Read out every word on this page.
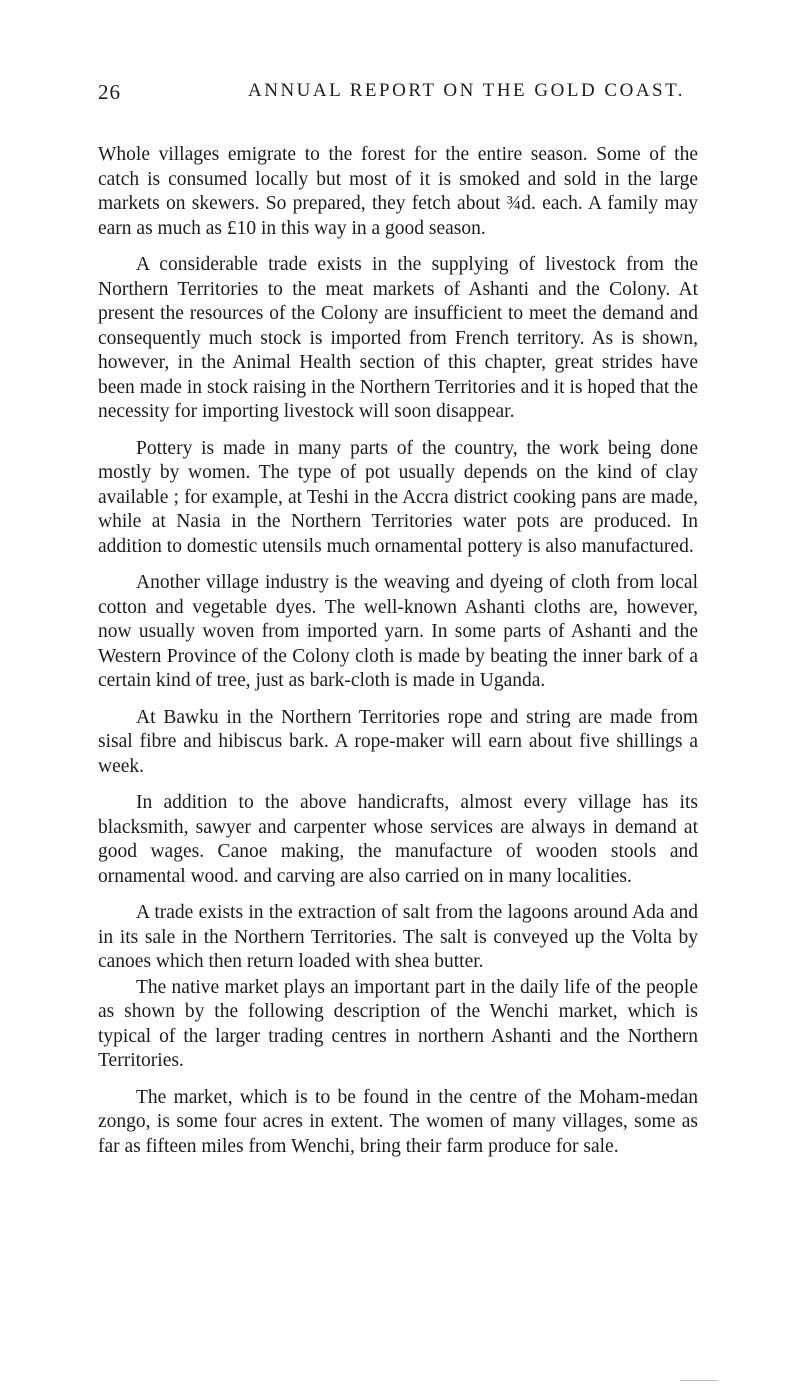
26	ANNUAL REPORT ON THE GOLD COAST.

Whole villages emigrate to the forest for the entire season. Some of the catch is consumed locally but most of it is smoked and sold in the large markets on skewers. So prepared, they fetch about ¾d. each. A family may earn as much as £10 in this way in a good season.

A considerable trade exists in the supplying of livestock from the Northern Territories to the meat markets of Ashanti and the Colony. At present the resources of the Colony are insufficient to meet the demand and consequently much stock is imported from French territory. As is shown, however, in the Animal Health section of this chapter, great strides have been made in stock raising in the Northern Territories and it is hoped that the necessity for importing livestock will soon disappear.

Pottery is made in many parts of the country, the work being done mostly by women. The type of pot usually depends on the kind of clay available ; for example, at Teshi in the Accra district cooking pans are made, while at Nasia in the Northern Territories water pots are produced. In addition to domestic utensils much ornamental pottery is also manufactured.

Another village industry is the weaving and dyeing of cloth from local cotton and vegetable dyes. The well-known Ashanti cloths are, however, now usually woven from imported yarn. In some parts of Ashanti and the Western Province of the Colony cloth is made by beating the inner bark of a certain kind of tree, just as bark-cloth is made in Uganda.

At Bawku in the Northern Territories rope and string are made from sisal fibre and hibiscus bark. A rope-maker will earn about five shillings a week.

In addition to the above handicrafts, almost every village has its blacksmith, sawyer and carpenter whose services are always in demand at good wages. Canoe making, the manufacture of wooden stools and ornamental wood. and carving are also carried on in many localities.

A trade exists in the extraction of salt from the lagoons around Ada and in its sale in the Northern Territories. The salt is conveyed up the Volta by canoes which then return loaded with shea butter.

The native market plays an important part in the daily life of the people as shown by the following description of the Wenchi market, which is typical of the larger trading centres in northern Ashanti and the Northern Territories.

The market, which is to be found in the centre of the Moham-medan zongo, is some four acres in extent. The women of many villages, some as far as fifteen miles from Wenchi, bring their farm produce for sale.
